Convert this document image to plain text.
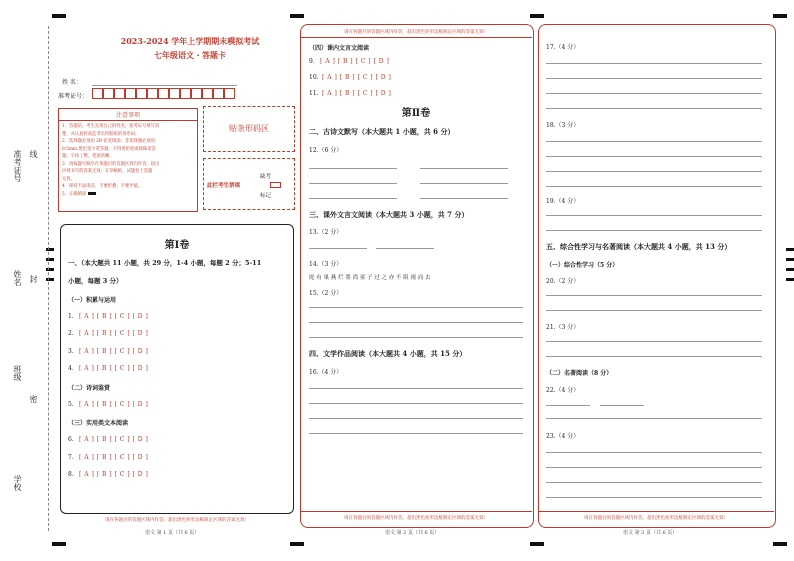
准考证号 线
姓名 封
班级
密
学校
2023-2024 学年上学期期末模拟考试
七年级语文・答题卡
姓 名：
准考证号：
注意事项
1．答题前，考生先将自己的姓名，准考证号填写清
楚，并认真检查监考员所粘贴的条形码。
2．选择题必须用 2B 铅笔填涂；非选择题必须用
0.5mm 黑色签字笔答题，不得用铅笔或圆珠笔答
题；字体工整、笔迹清晰。
3．请按题号顺序在各题目的答题区域内作答，超出
区域书写的答案无效；在草稿纸、试题卷上答题
无效。
4．保持卡面清洁，不要折叠、不要弄破。
5．正确填涂
贴条形码区
此栏考生禁填
缺考
标记
第Ⅰ卷
一、（本大题共 11 小题，共 29 分，1-4 小题，每题 2 分；5-11
小题，每题 3 分）
（一）积累与运用
1. [ A ] [ B ] [ C ] [ D ]
2. [ A ] [ B ] [ C ] [ D ]
3. [ A ] [ B ] [ C ] [ D ]
4. [ A ] [ B ] [ C ] [ D ]
（二）诗词鉴赏
5. [ A ] [ B ] [ C ] [ D ]
（三）实用类文本阅读
6. [ A ] [ B ] [ C ] [ D ]
7. [ A ] [ B ] [ C ] [ D ]
8. [ A ] [ B ] [ C ] [ D ]
请在各题目的答题区域内作答，超出黑色矩形边框限定区域的答案无效！
语文 第 1 页（共 6 页）
请在各题目的答题区域内作答，超出黑色矩形边框限定区域的答案无效！
（四）课内文言文阅读
9. [ A ] [ B ] [ C ] [ D ]
10. [ A ] [ B ] [ C ] [ D ]
11. [ A ] [ B ] [ C ] [ D ]
第Ⅱ卷
二、古诗文默写（本大题共 1 小题，共 6 分）
12.（6 分）
三、课外文言文阅读（本大题共 3 小题，共 7 分）
13.（2 分）
14.（3 分）
庭 有 巢 燕 烂 墨 尚 童 子 过 之 亦 不 阻 视 而 去
15.（2 分）
四、文学作品阅读（本大题共 4 小题，共 15 分）
16.（4 分）
请在各题目的答题区域内作答，超出黑色矩形边框限定区域的答案无效！
语文 第 2 页（共 6 页）
17.（4 分）
18.（3 分）
19.（4 分）
五、综合性学习与名著阅读（本大题共 4 小题，共 13 分）
（一）综合性学习（5 分）
20.（2 分）
21.（3 分）
（二）名著阅读（8 分）
22.（4 分）
23.（4 分）
请在各题目的答题区域内作答，超出黑色矩形边框限定区域的答案无效！
语文 第 3 页（共 6 页）
